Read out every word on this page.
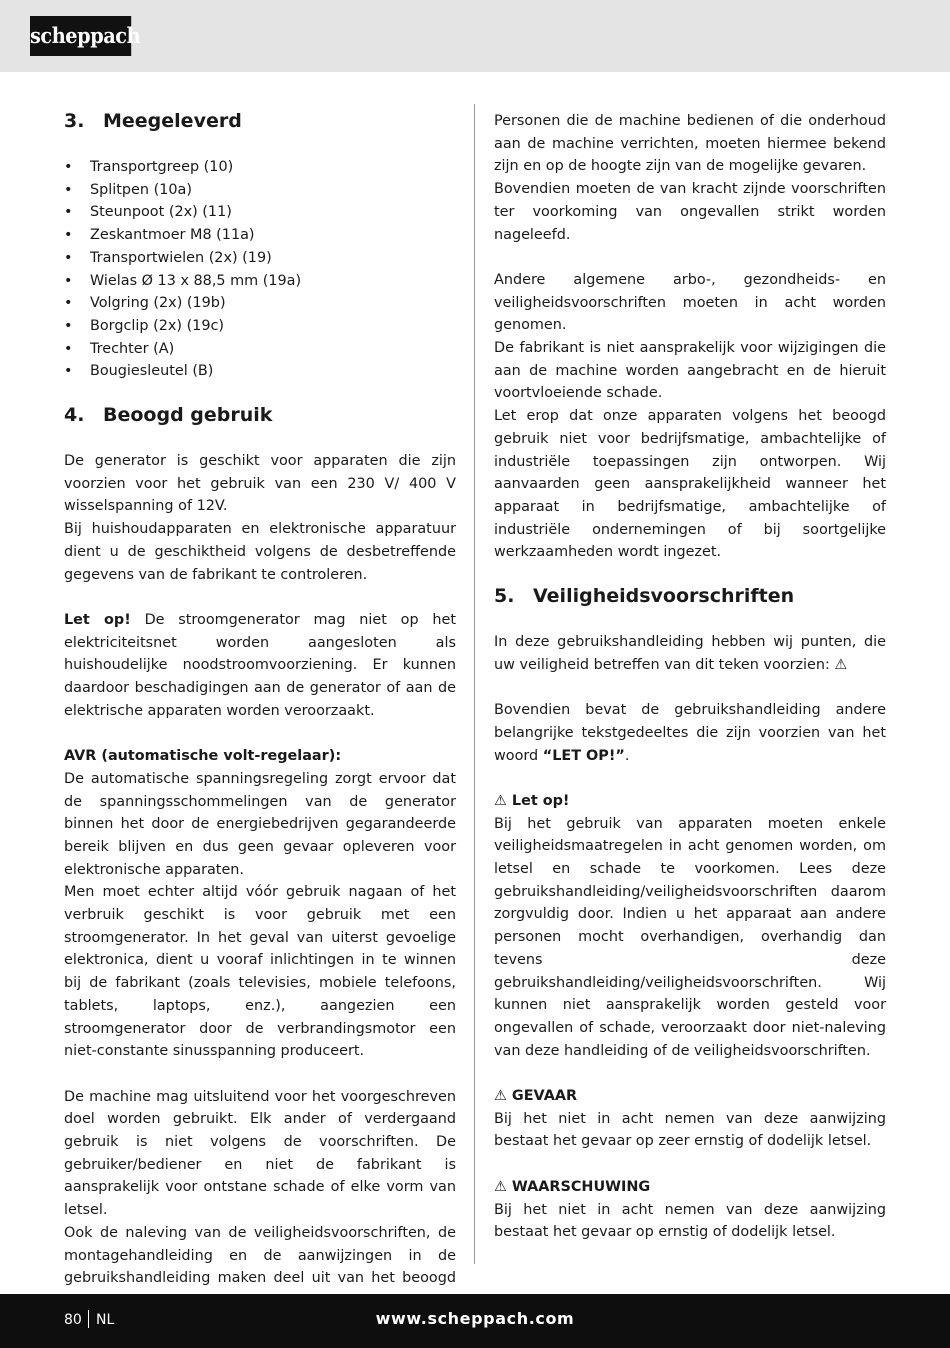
scheppach
3. Meegeleverd
• Transportgreep (10)
• Splitpen (10a)
• Steunpoot (2x) (11)
• Zeskantmoer M8 (11a)
• Transportwielen (2x) (19)
• Wielas Ø 13 x 88,5 mm (19a)
• Volgring (2x) (19b)
• Borgclip (2x) (19c)
• Trechter (A)
• Bougiesleutel (B)
4. Beoogd gebruik

De generator is geschikt voor apparaten die zijn voorzien voor het gebruik van een 230 V/ 400 V wisselspanning of 12V.

Bij huishoudapparaten en elektronische apparatuur dient u de geschiktheid volgens de desbetreffende gegevens van de fabrikant te controleren.

Let op! De stroomgenerator mag niet op het elektriciteitsnet worden aangesloten als huishoudelijke noodstroomvoorziening. Er kunnen daardoor beschadigingen aan de generator of aan de elektrische apparaten worden veroorzaakt.

AVR (automatische volt-regelaar):

De automatische spanningsregeling zorgt ervoor dat de spanningsschommelingen van de generator binnen het door de energiebedrijven gegarandeerde bereik blijven en dus geen gevaar opleveren voor elektronische apparaten.

Men moet echter altijd vóór gebruik nagaan of het verbruik geschikt is voor gebruik met een stroomgenerator. In het geval van uiterst gevoelige elektronica, dient u vooraf inlichtingen in te winnen bij de fabrikant (zoals televisies, mobiele telefoons, tablets, laptops, enz.), aangezien een stroomgenerator door de verbrandingsmotor een niet-constante sinusspanning produceert.

De machine mag uitsluitend voor het voorgeschreven doel worden gebruikt. Elk ander of verdergaand gebruik is niet volgens de voorschriften. De gebruiker/bediener en niet de fabrikant is aansprakelijk voor ontstane schade of elke vorm van letsel.

Ook de naleving van de veiligheidsvoorschriften, de montagehandleiding en de aanwijzingen in de gebruikshandleiding maken deel uit van het beoogd

Personen die de machine bedienen of die onderhoud aan de machine verrichten, moeten hiermee bekend zijn en op de hoogte zijn van de mogelijke gevaren.

Bovendien moeten de van kracht zijnde voorschriften ter voorkoming van ongevallen strikt worden nageleefd.

Andere algemene arbo-, gezondheids- en veiligheidsvoorschriften moeten in acht worden genomen.

De fabrikant is niet aansprakelijk voor wijzigingen die aan de machine worden aangebracht en de hieruit voortvloeiende schade.

Let erop dat onze apparaten volgens het beoogd gebruik niet voor bedrijfsmatige, ambachtelijke of industriële toepassingen zijn ontworpen. Wij aanvaarden geen aansprakelijkheid wanneer het apparaat in bedrijfsmatige, ambachtelijke of industriële ondernemingen of bij soortgelijke werkzaamheden wordt ingezet.

5. Veiligheidsvoorschriften

In deze gebruikshandleiding hebben wij punten, die uw veiligheid betreffen van dit teken voorzien: ⚠

Bovendien bevat de gebruikshandleiding andere belangrijke tekstgedeeltes die zijn voorzien van het woord “LET OP!”.

⚠ Let op!

Bij het gebruik van apparaten moeten enkele veiligheidsmaatregelen in acht genomen worden, om letsel en schade te voorkomen. Lees deze gebruikshandleiding/veiligheidsvoorschriften daarom zorgvuldig door. Indien u het apparaat aan andere personen mocht overhandigen, overhandig dan tevens deze gebruikshandleiding/veiligheidsvoorschriften. Wij kunnen niet aansprakelijk worden gesteld voor ongevallen of schade, veroorzaakt door niet-naleving van deze handleiding of de veiligheidsvoorschriften.

⚠ GEVAAR

Bij het niet in acht nemen van deze aanwijzing bestaat het gevaar op zeer ernstig of dodelijk letsel.

⚠ WAARSCHUWING

Bij het niet in acht nemen van deze aanwijzing bestaat het gevaar op ernstig of dodelijk letsel.

80 NL	www.scheppach.com
